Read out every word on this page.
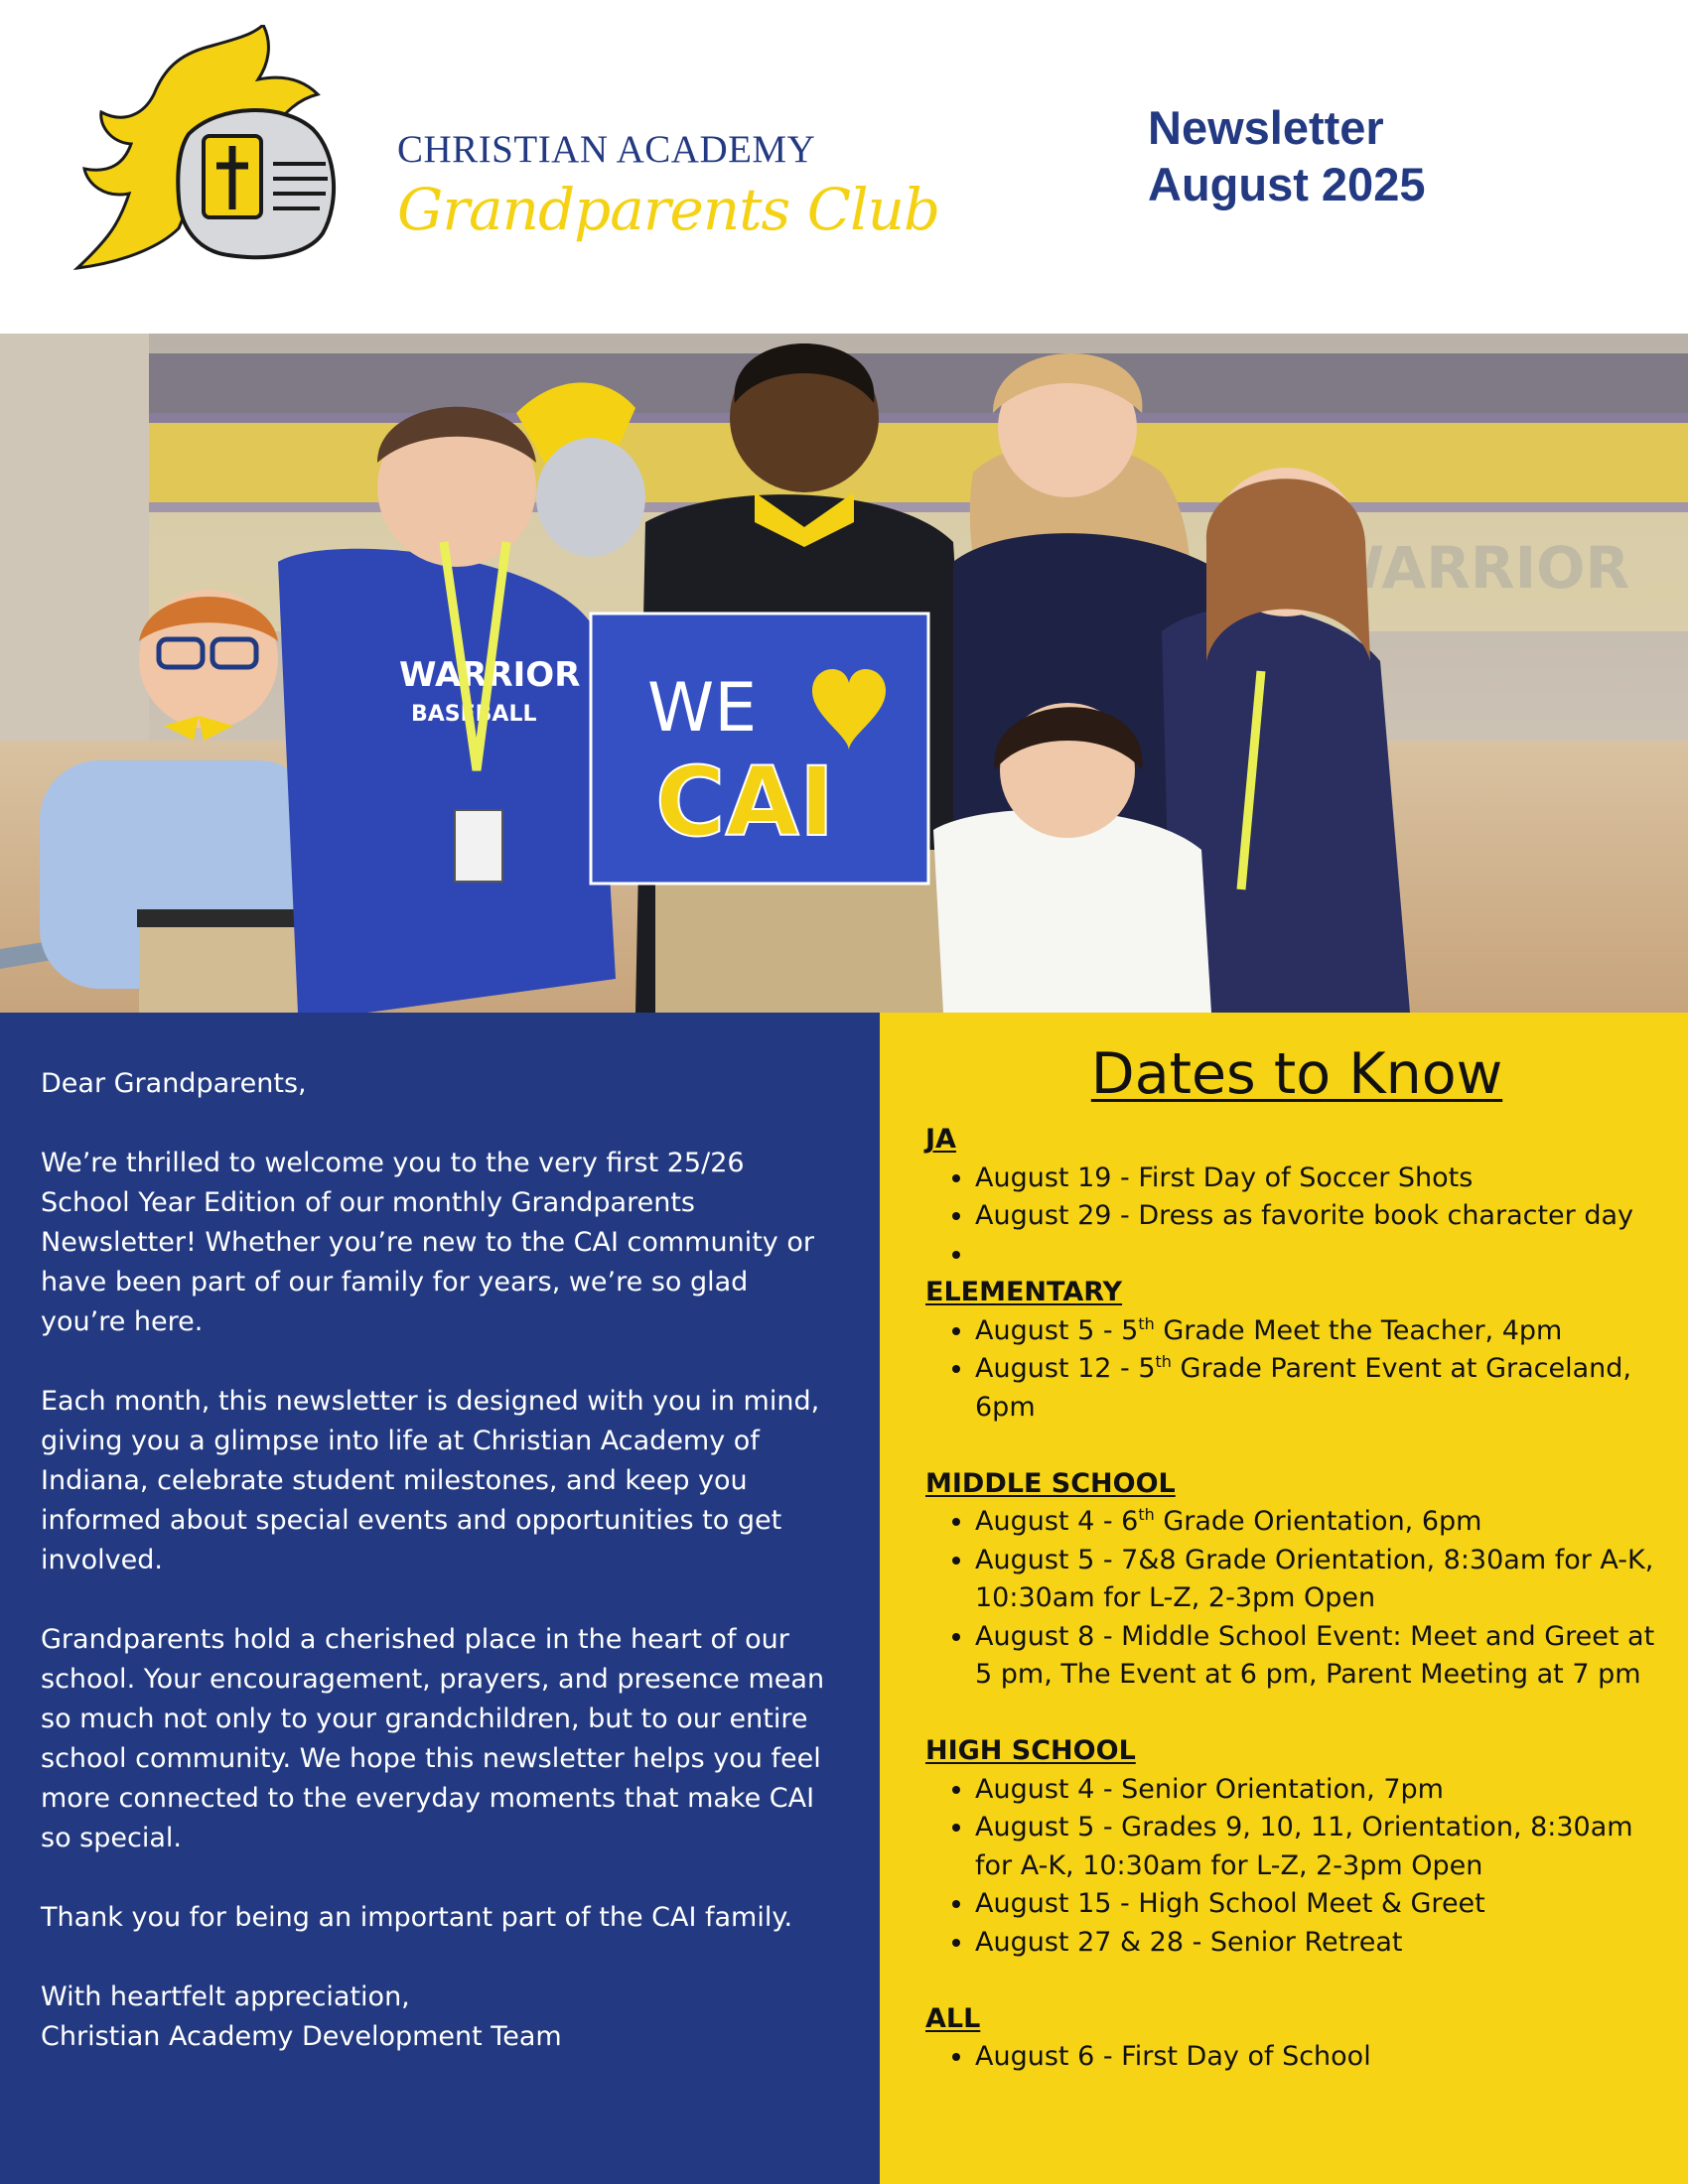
CHRISTIAN ACADEMY
Grandparents Club
Newsletter
August 2025
WARRIOR
BASEBALL WE
CAI

Dear Grandparents,

We’re thrilled to welcome you to the very first 25/26 School Year Edition of our monthly Grandparents Newsletter! Whether you’re new to the CAI community or have been part of our family for years, we’re so glad you’re here.

Each month, this newsletter is designed with you in mind, giving you a glimpse into life at Christian Academy of Indiana, celebrate student milestones, and keep you informed about special events and opportunities to get involved.

Grandparents hold a cherished place in the heart of our school. Your encouragement, prayers, and presence mean so much not only to your grandchildren, but to our entire school community. We hope this newsletter helps you feel more connected to the everyday moments that make CAI so special.

Thank you for being an important part of the CAI family.

With heartfelt appreciation,
Christian Academy Development Team
Dates to Know
JA
• August 19 - First Day of Soccer Shots
• August 29 - Dress as favorite book character day
•
ELEMENTARY
• August 5 - 5th Grade Meet the Teacher, 4pm
• August 12 - 5th Grade Parent Event at Graceland, 6pm
MIDDLE SCHOOL
• August 4 - 6th Grade Orientation, 6pm
• August 5 - 7&8 Grade Orientation, 8:30am for A-K, 10:30am for L-Z, 2-3pm Open
• August 8 - Middle School Event: Meet and Greet at 5 pm, The Event at 6 pm, Parent Meeting at 7 pm
HIGH SCHOOL
• August 4 - Senior Orientation, 7pm
• August 5 - Grades 9, 10, 11, Orientation, 8:30am for A-K, 10:30am for L-Z, 2-3pm Open
• August 15 - High School Meet & Greet
• August 27 & 28 - Senior Retreat
ALL
• August 6 - First Day of School
